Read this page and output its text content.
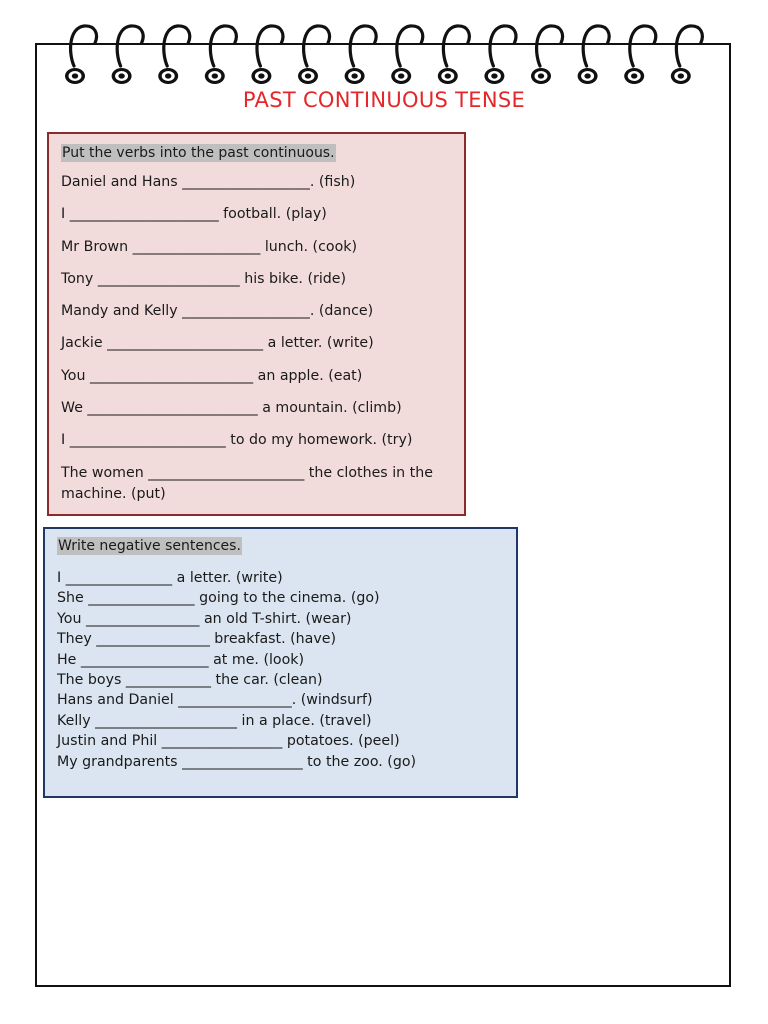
PAST CONTINUOUS TENSE
Put the verbs into the past continuous.
Daniel and Hans __________________. (fish)
I _____________________ football. (play)
Mr Brown __________________ lunch. (cook)
Tony ____________________ his bike. (ride)
Mandy and Kelly __________________. (dance)
Jackie ______________________ a letter. (write)
You _______________________ an apple. (eat)
We ________________________ a mountain. (climb)
I ______________________ to do my homework. (try)
The women ______________________ the clothes in the machine. (put)
Write negative sentences.
I _______________ a letter. (write)
She _______________ going to the cinema. (go)
You ________________ an old T-shirt. (wear)
They ________________ breakfast. (have)
He __________________ at me. (look)
The boys ____________ the car. (clean)
Hans and Daniel ________________. (windsurf)
Kelly ____________________ in a place. (travel)
Justin and Phil _________________ potatoes. (peel)
My grandparents _________________ to the zoo. (go)
